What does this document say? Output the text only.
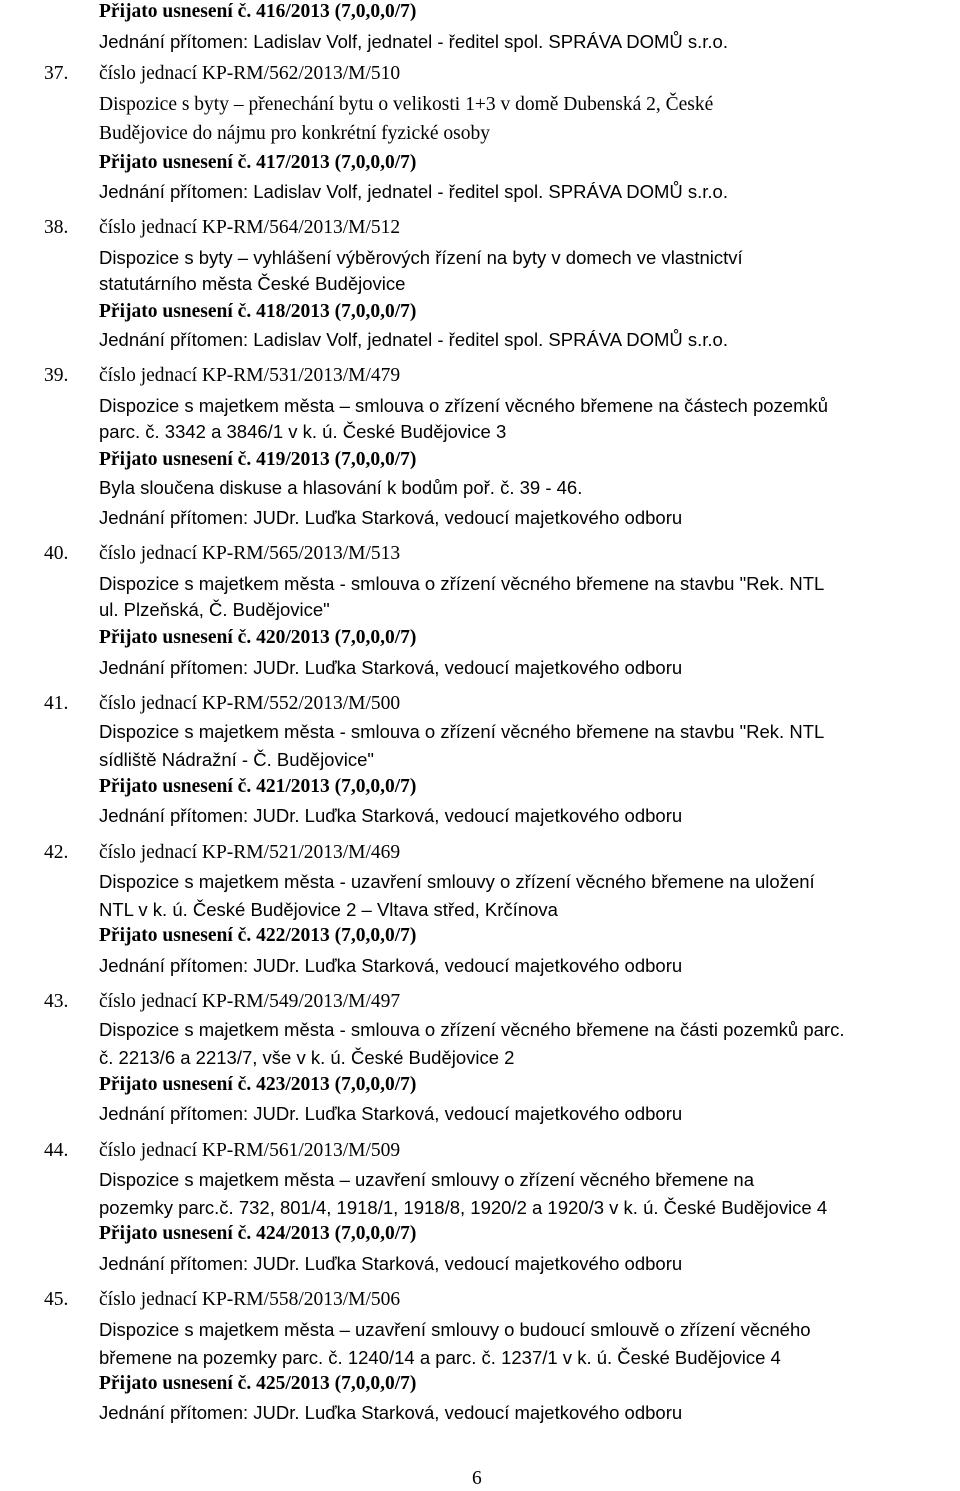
Přijato usnesení č. 416/2013 (7,0,0,0/7)
Jednání přítomen: Ladislav Volf, jednatel - ředitel spol. SPRÁVA DOMŮ s.r.o.
37. číslo jednací KP-RM/562/2013/M/510
Dispozice s byty – přenechání bytu o velikosti 1+3 v domě Dubenská 2, České
Budějovice do nájmu pro konkrétní fyzické osoby
Přijato usnesení č. 417/2013 (7,0,0,0/7)
Jednání přítomen: Ladislav Volf, jednatel - ředitel spol. SPRÁVA DOMŮ s.r.o.
38. číslo jednací KP-RM/564/2013/M/512
Dispozice s byty – vyhlášení výběrových řízení na byty v domech ve vlastnictví
statutárního města České Budějovice
Přijato usnesení č. 418/2013 (7,0,0,0/7)
Jednání přítomen: Ladislav Volf, jednatel - ředitel spol. SPRÁVA DOMŮ s.r.o.
39. číslo jednací KP-RM/531/2013/M/479
Dispozice s majetkem města – smlouva o zřízení věcného břemene na částech pozemků
parc. č. 3342 a 3846/1 v k. ú. České Budějovice 3
Přijato usnesení č. 419/2013 (7,0,0,0/7)
Byla sloučena diskuse a hlasování k bodům poř. č. 39 - 46.
Jednání přítomen: JUDr. Luďka Starková, vedoucí majetkového odboru
40. číslo jednací KP-RM/565/2013/M/513
Dispozice s majetkem města - smlouva o zřízení věcného břemene na stavbu "Rek. NTL
ul. Plzeňská, Č. Budějovice"
Přijato usnesení č. 420/2013 (7,0,0,0/7)
Jednání přítomen: JUDr. Luďka Starková, vedoucí majetkového odboru
41. číslo jednací KP-RM/552/2013/M/500
Dispozice s majetkem města - smlouva o zřízení věcného břemene na stavbu "Rek. NTL
sídliště Nádražní - Č. Budějovice"
Přijato usnesení č. 421/2013 (7,0,0,0/7)
Jednání přítomen: JUDr. Luďka Starková, vedoucí majetkového odboru
42. číslo jednací KP-RM/521/2013/M/469
Dispozice s majetkem města - uzavření smlouvy o zřízení věcného břemene na uložení
NTL v k. ú. České Budějovice 2 – Vltava střed, Krčínova
Přijato usnesení č. 422/2013 (7,0,0,0/7)
Jednání přítomen: JUDr. Luďka Starková, vedoucí majetkového odboru
43. číslo jednací KP-RM/549/2013/M/497
Dispozice s majetkem města - smlouva o zřízení věcného břemene na části pozemků parc.
č. 2213/6 a 2213/7, vše v k. ú. České Budějovice 2
Přijato usnesení č. 423/2013 (7,0,0,0/7)
Jednání přítomen: JUDr. Luďka Starková, vedoucí majetkového odboru
44. číslo jednací KP-RM/561/2013/M/509
Dispozice s majetkem města – uzavření smlouvy o zřízení věcného břemene na
pozemky parc.č. 732, 801/4, 1918/1, 1918/8, 1920/2 a 1920/3 v k. ú. České Budějovice 4
Přijato usnesení č. 424/2013 (7,0,0,0/7)
Jednání přítomen: JUDr. Luďka Starková, vedoucí majetkového odboru
45. číslo jednací KP-RM/558/2013/M/506
Dispozice s majetkem města – uzavření smlouvy o budoucí smlouvě o zřízení věcného
břemene na pozemky parc. č. 1240/14 a parc. č. 1237/1 v k. ú. České Budějovice 4
Přijato usnesení č. 425/2013 (7,0,0,0/7)
Jednání přítomen: JUDr. Luďka Starková, vedoucí majetkového odboru
6
